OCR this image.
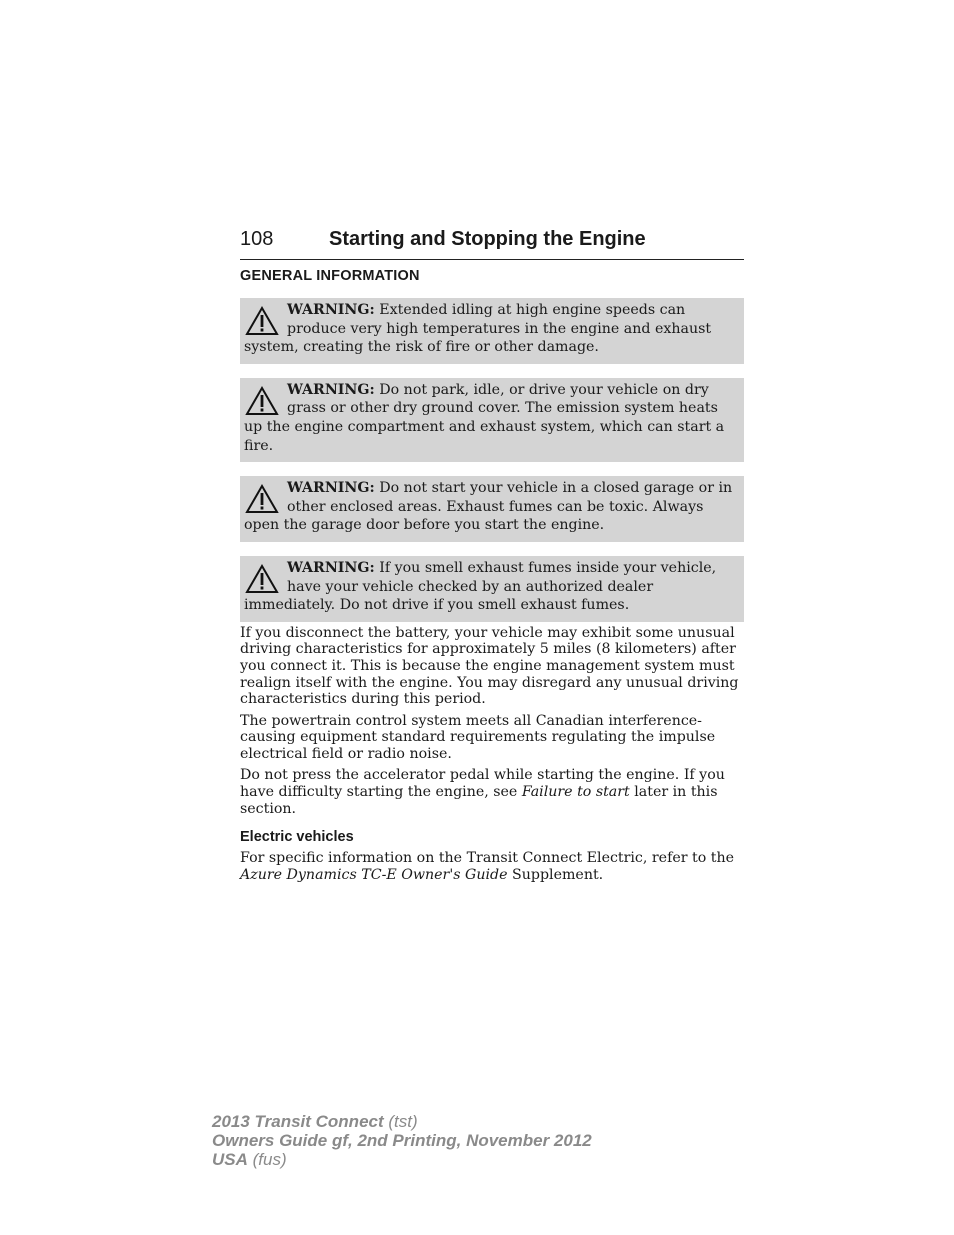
108	Starting and Stopping the Engine
GENERAL INFORMATION
WARNING: Extended idling at high engine speeds can produce very high temperatures in the engine and exhaust system, creating the risk of fire or other damage.
WARNING: Do not park, idle, or drive your vehicle on dry grass or other dry ground cover. The emission system heats up the engine compartment and exhaust system, which can start a fire.
WARNING: Do not start your vehicle in a closed garage or in other enclosed areas. Exhaust fumes can be toxic. Always open the garage door before you start the engine.
WARNING: If you smell exhaust fumes inside your vehicle, have your vehicle checked by an authorized dealer immediately. Do not drive if you smell exhaust fumes.

If you disconnect the battery, your vehicle may exhibit some unusual driving characteristics for approximately 5 miles (8 kilometers) after you connect it. This is because the engine management system must realign itself with the engine. You may disregard any unusual driving characteristics during this period.

The powertrain control system meets all Canadian interference-causing equipment standard requirements regulating the impulse electrical field or radio noise.

Do not press the accelerator pedal while starting the engine. If you have difficulty starting the engine, see Failure to start later in this section.

Electric vehicles

For specific information on the Transit Connect Electric, refer to the Azure Dynamics TC-E Owner's Guide Supplement.

2013 Transit Connect (tst)
Owners Guide gf, 2nd Printing, November 2012
USA (fus)
